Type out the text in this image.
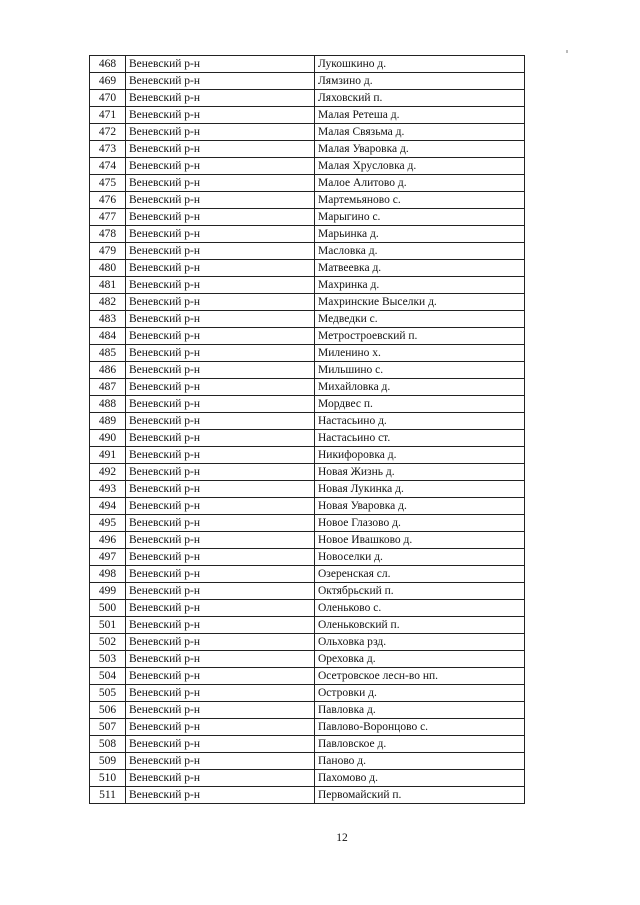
468	Веневский р-н	Лукошкино д.
469	Веневский р-н	Лямзино д.
470	Веневский р-н	Ляховский п.
471	Веневский р-н	Малая Ретеша д.
472	Веневский р-н	Малая Связьма д.
473	Веневский р-н	Малая Уваровка д.
474	Веневский р-н	Малая Хрусловка д.
475	Веневский р-н	Малое Алитово д.
476	Веневский р-н	Мартемьяново с.
477	Веневский р-н	Марыгино с.
478	Веневский р-н	Марьинка д.
479	Веневский р-н	Масловка д.
480	Веневский р-н	Матвеевка д.
481	Веневский р-н	Махринка д.
482	Веневский р-н	Махринские Выселки д.
483	Веневский р-н	Медведки с.
484	Веневский р-н	Метростроевский п.
485	Веневский р-н	Миленино х.
486	Веневский р-н	Мильшино с.
487	Веневский р-н	Михайловка д.
488	Веневский р-н	Мордвес п.
489	Веневский р-н	Настасьино д.
490	Веневский р-н	Настасьино ст.
491	Веневский р-н	Никифоровка д.
492	Веневский р-н	Новая Жизнь д.
493	Веневский р-н	Новая Лукинка д.
494	Веневский р-н	Новая Уваровка д.
495	Веневский р-н	Новое Глазово д.
496	Веневский р-н	Новое Ивашково д.
497	Веневский р-н	Новоселки д.
498	Веневский р-н	Озеренская сл.
499	Веневский р-н	Октябрьский п.
500	Веневский р-н	Оленьково с.
501	Веневский р-н	Оленьковский п.
502	Веневский р-н	Ольховка рзд.
503	Веневский р-н	Ореховка д.
504	Веневский р-н	Осетровское лесн-во нп.
505	Веневский р-н	Островки д.
506	Веневский р-н	Павловка д.
507	Веневский р-н	Павлово-Воронцово с.
508	Веневский р-н	Павловское д.
509	Веневский р-н	Паново д.
510	Веневский р-н	Пахомово д.
511	Веневский р-н	Первомайский п.
12
